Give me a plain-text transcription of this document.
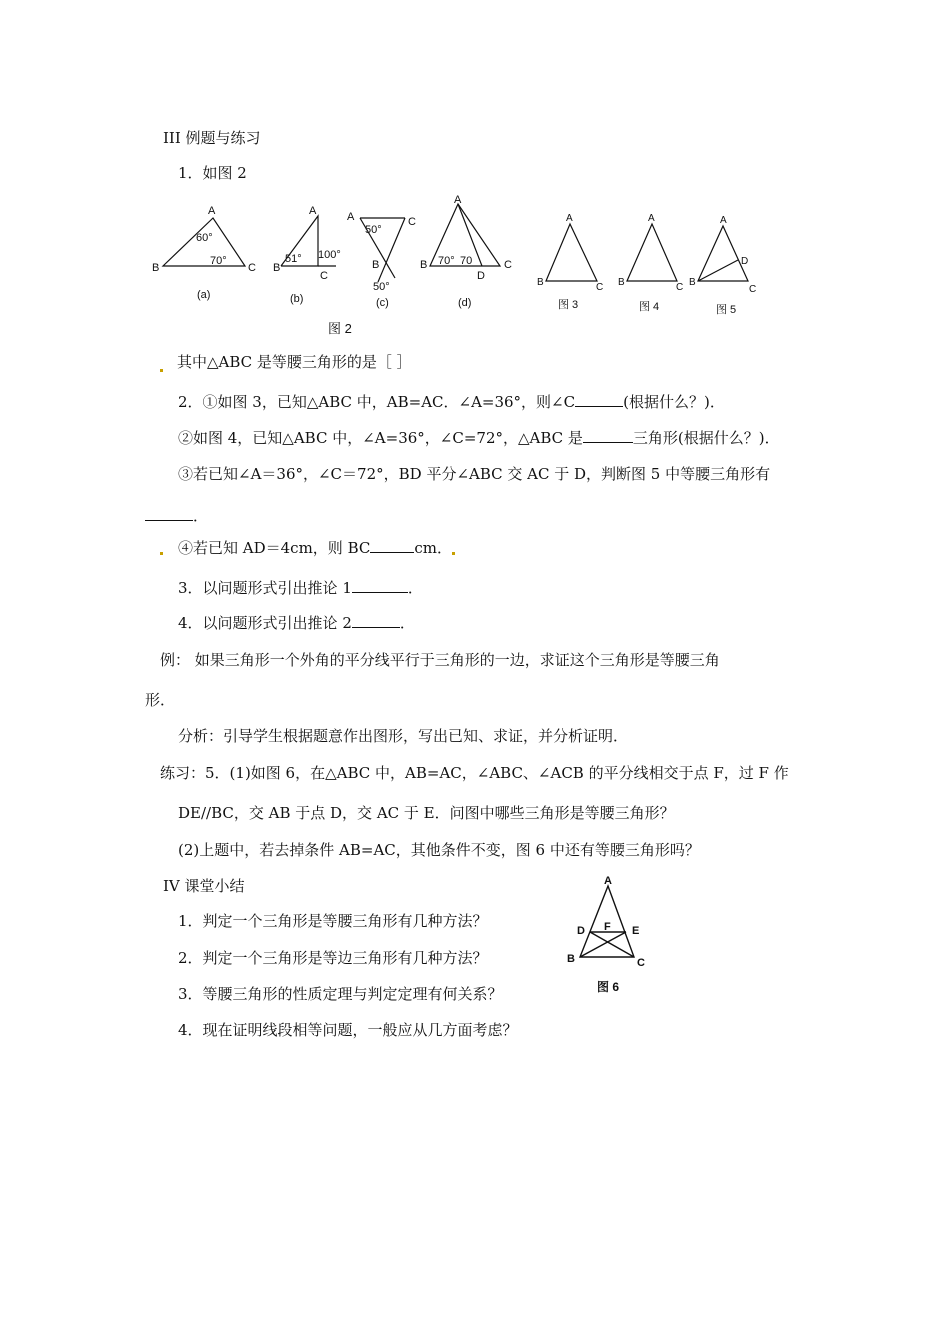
III 例题与练习
1．如图 2
A
B	C
60°
70°
(a)
A
B
C
51° 100°
(b)
A	C
B
50°
50°
(c)
A
B	C
D
70° 70
(d)
A
B	C
图 3
A
B	C
图 4
A
B
C
D
图 5
图 2
其中△ABC 是等腰三角形的是［ ］
2．①如图 3，已知△ABC 中，AB=AC．∠A=36°，则∠C	(根据什么？)．
②如图 4，已知△ABC 中，∠A=36°，∠C=72°，△ABC 是	三角形(根据什么？)．
③若已知∠A＝36°，∠C＝72°，BD 平分∠ABC 交 AC 于 D，判断图 5 中等腰三角形有
．
④若已知 AD＝4cm，则 BC	cm．
3．以问题形式引出推论 1	．
4．以问题形式引出推论 2	．
例： 如果三角形一个外角的平分线平行于三角形的一边，求证这个三角形是等腰三角
形．
分析：引导学生根据题意作出图形，写出已知、求证，并分析证明．
练习：5．(1)如图 6，在△ABC 中，AB=AC，∠ABC、∠ACB 的平分线相交于点 F，过 F 作
DE//BC，交 AB 于点 D，交 AC 于 E．问图中哪些三角形是等腰三角形？
(2)上题中，若去掉条件 AB=AC，其他条件不变，图 6 中还有等腰三角形吗？
IV 课堂小结
1．判定一个三角形是等腰三角形有几种方法？
2．判定一个三角形是等边三角形有几种方法？
3．等腰三角形的性质定理与判定定理有何关系？
4．现在证明线段相等问题，一般应从几方面考虑？
A
D	E
F
B	C
图 6
